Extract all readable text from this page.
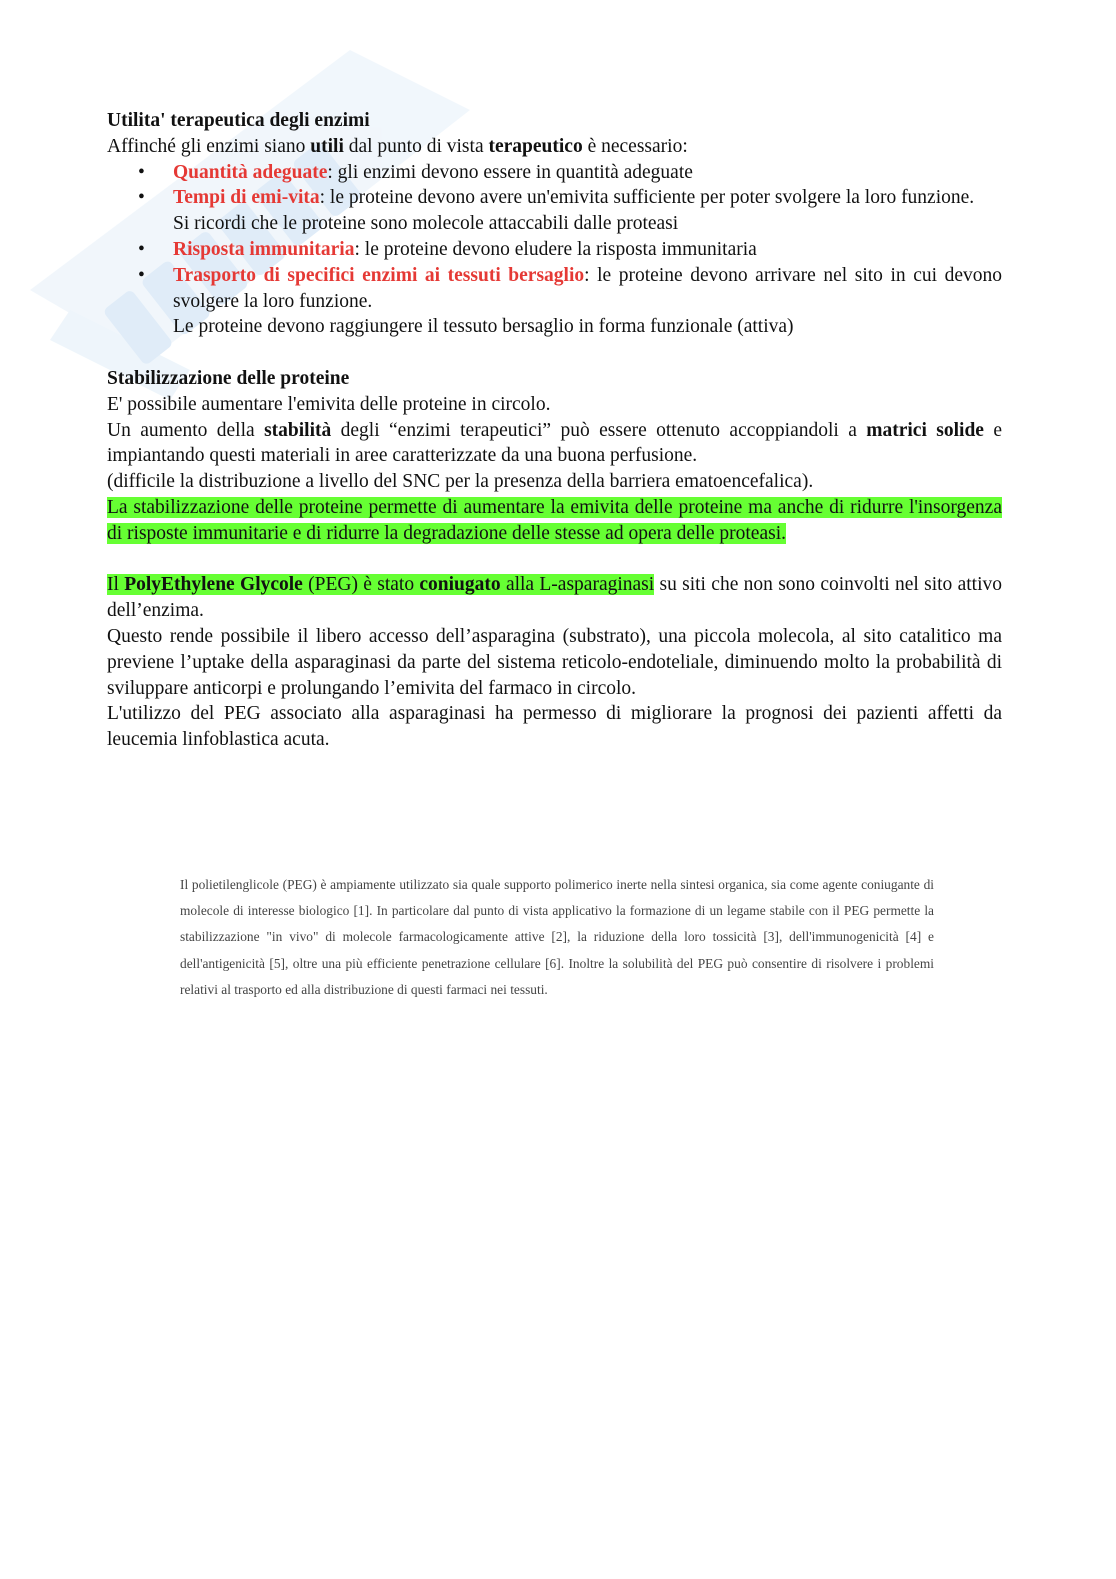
Utilita' terapeutica degli enzimi

Affinché gli enzimi siano utili dal punto di vista terapeutico è necessario:

• Quantità adeguate: gli enzimi devono essere in quantità adeguate
• Tempi di emi-vita: le proteine devono avere un'emivita sufficiente per poter svolgere la loro funzione.
Si ricordi che le proteine sono molecole attaccabili dalle proteasi
• Risposta immunitaria: le proteine devono eludere la risposta immunitaria
• Trasporto di specifici enzimi ai tessuti bersaglio: le proteine devono arrivare nel sito in cui devono svolgere la loro funzione.
Le proteine devono raggiungere il tessuto bersaglio in forma funzionale (attiva)

Stabilizzazione delle proteine

E' possibile aumentare l'emivita delle proteine in circolo.

Un aumento della stabilità degli “enzimi terapeutici” può essere ottenuto accoppiandoli a matrici solide e impiantando questi materiali in aree caratterizzate da una buona perfusione.

(difficile la distribuzione a livello del SNC per la presenza della barriera ematoencefalica).

La stabilizzazione delle proteine permette di aumentare la emivita delle proteine ma anche di ridurre l'insorgenza di risposte immunitarie e di ridurre la degradazione delle stesse ad opera delle proteasi.

Il PolyEthylene Glycole (PEG) è stato coniugato alla L-asparaginasi su siti che non sono coinvolti nel sito attivo dell’enzima.

Questo rende possibile il libero accesso dell’asparagina (substrato), una piccola molecola, al sito catalitico ma previene l’uptake della asparaginasi da parte del sistema reticolo-endoteliale, diminuendo molto la probabilità di sviluppare anticorpi e prolungando l’emivita del farmaco in circolo.

L'utilizzo del PEG associato alla asparaginasi ha permesso di migliorare la prognosi dei pazienti affetti da leucemia linfoblastica acuta.

Il polietilenglicole (PEG) è ampiamente utilizzato sia quale supporto polimerico inerte nella sintesi organica, sia come agente coniugante di molecole di interesse biologico [1]. In particolare dal punto di vista applicativo la formazione di un legame stabile con il PEG permette la stabilizzazione "in vivo" di molecole farmacologicamente attive [2], la riduzione della loro tossicità [3], dell'immunogenicità [4] e dell'antigenicità [5], oltre una più efficiente penetrazione cellulare [6]. Inoltre la solubilità del PEG può consentire di risolvere i problemi relativi al trasporto ed alla distribuzione di questi farmaci nei tessuti.
